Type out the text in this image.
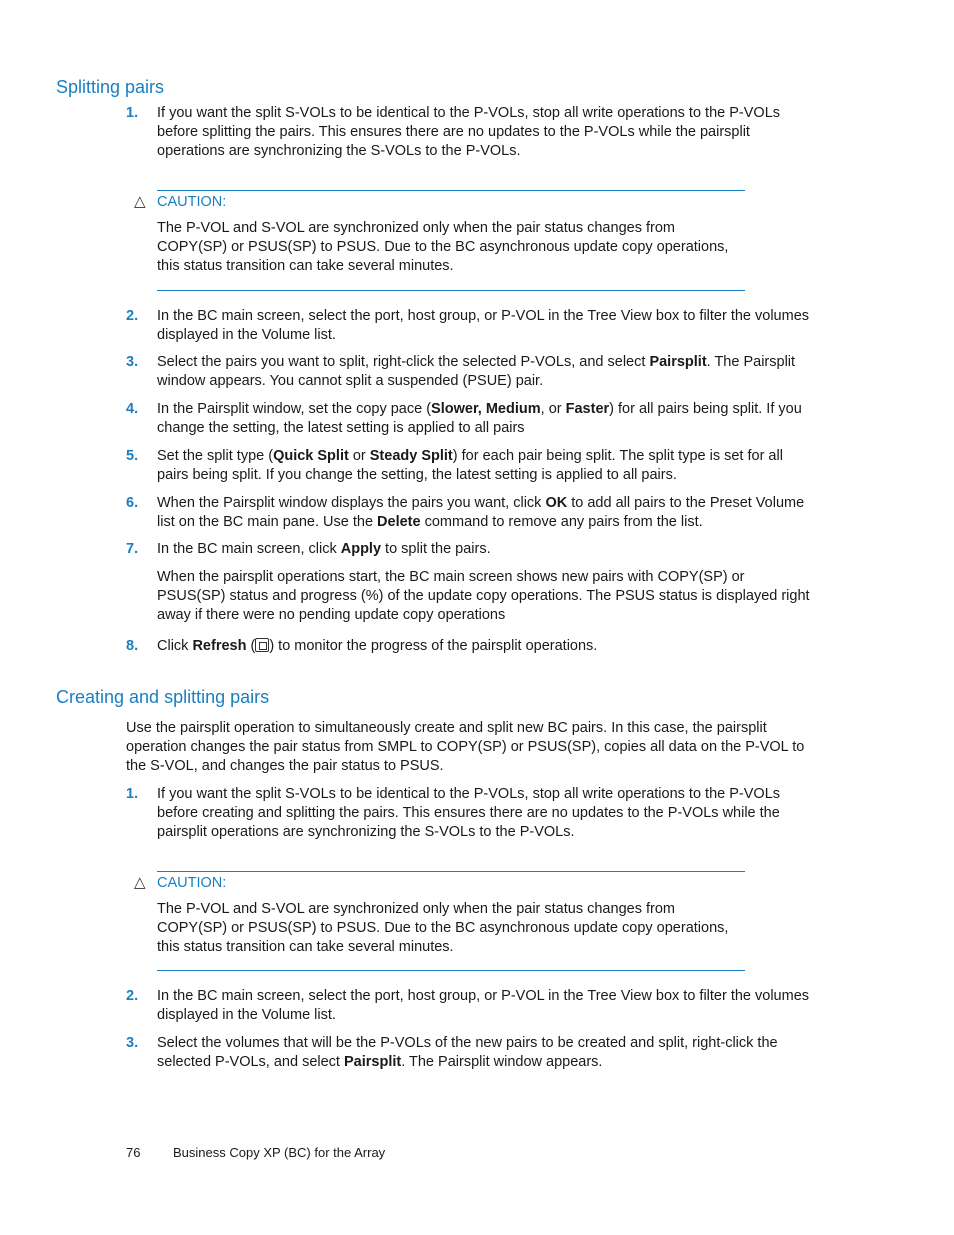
Splitting pairs
1. If you want the split S-VOLs to be identical to the P-VOLs, stop all write operations to the P-VOLs before splitting the pairs. This ensures there are no updates to the P-VOLs while the pairsplit operations are synchronizing the S-VOLs to the P-VOLs.
△ CAUTION:
The P-VOL and S-VOL are synchronized only when the pair status changes from COPY(SP) or PSUS(SP) to PSUS. Due to the BC asynchronous update copy operations, this status transition can take several minutes.
2. In the BC main screen, select the port, host group, or P-VOL in the Tree View box to filter the volumes displayed in the Volume list.
3. Select the pairs you want to split, right-click the selected P-VOLs, and select Pairsplit. The Pairsplit window appears. You cannot split a suspended (PSUE) pair.
4. In the Pairsplit window, set the copy pace (Slower, Medium, or Faster) for all pairs being split. If you change the setting, the latest setting is applied to all pairs
5. Set the split type (Quick Split or Steady Split) for each pair being split. The split type is set for all pairs being split. If you change the setting, the latest setting is applied to all pairs.
6. When the Pairsplit window displays the pairs you want, click OK to add all pairs to the Preset Volume list on the BC main pane. Use the Delete command to remove any pairs from the list.
7. In the BC main screen, click Apply to split the pairs.
When the pairsplit operations start, the BC main screen shows new pairs with COPY(SP) or PSUS(SP) status and progress (%) of the update copy operations. The PSUS status is displayed right away if there were no pending update copy operations
8. Click Refresh ( ) to monitor the progress of the pairsplit operations.
Creating and splitting pairs
Use the pairsplit operation to simultaneously create and split new BC pairs. In this case, the pairsplit operation changes the pair status from SMPL to COPY(SP) or PSUS(SP), copies all data on the P-VOL to the S-VOL, and changes the pair status to PSUS.
1. If you want the split S-VOLs to be identical to the P-VOLs, stop all write operations to the P-VOLs before creating and splitting the pairs. This ensures there are no updates to the P-VOLs while the pairsplit operations are synchronizing the S-VOLs to the P-VOLs.
△ CAUTION:
The P-VOL and S-VOL are synchronized only when the pair status changes from COPY(SP) or PSUS(SP) to PSUS. Due to the BC asynchronous update copy operations, this status transition can take several minutes.
2. In the BC main screen, select the port, host group, or P-VOL in the Tree View box to filter the volumes displayed in the Volume list.
3. Select the volumes that will be the P-VOLs of the new pairs to be created and split, right-click the selected P-VOLs, and select Pairsplit. The Pairsplit window appears.
76	Business Copy XP (BC) for the Array
